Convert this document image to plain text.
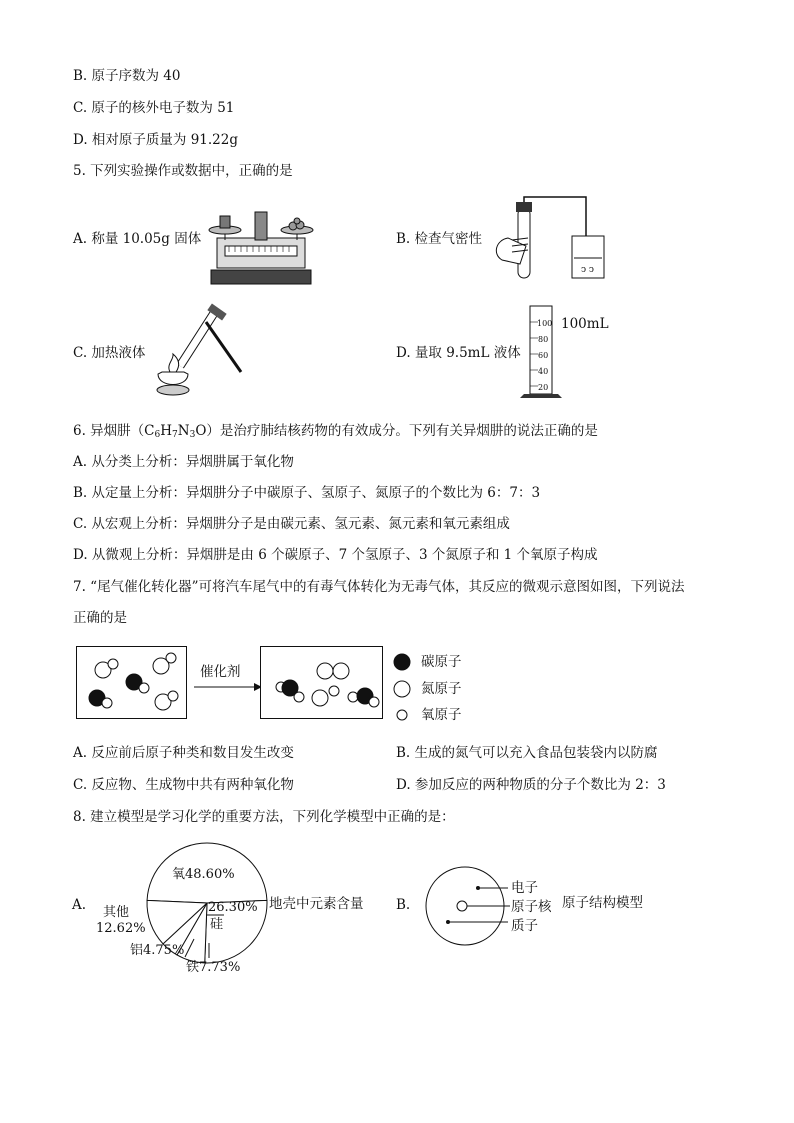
B. 原子序数为 40
C. 原子的核外电子数为 51
D. 相对原子质量为 91.22g
5. 下列实验操作或数据中，正确的是
A. 称量 10.05g 固体	B. 检查气密性
C. 加热液体	D. 量取 9.5mL 液体
ↄ ↄ
100
80
60
40
20
100mL
6. 异烟肼$(C_6H_7N_3O)$是治疗肺结核药物的有效成分。下列有关异烟肼的说法正确的是
A. 从分类上分析：异烟肼属于氧化物
B. 从定量上分析：异烟肼分子中碳原子、氢原子、氮原子的个数比为 6：7：3
C. 从宏观上分析：异烟肼分子是由碳元素、氢元素、氮元素和氧元素组成
D. 从微观上分析：异烟肼是由 6 个碳原子、7 个氢原子、3 个氮原子和 1 个氧原子构成
7. “尾气催化转化器”可将汽车尾气中的有毒气体转化为无毒气体，其反应的微观示意图如图，下列说法
正确的是
催化剂
碳原子
氮原子
氧原子
A. 反应前后原子种类和数目发生改变	B. 生成的氮气可以充入食品包装袋内以防腐
C. 反应物、生成物中共有两种氧化物	D. 参加反应的两种物质的分子个数比为 2：3
8. 建立模型是学习化学的重要方法，下列化学模型中正确的是：
A.
氧48.60%
26.30%
硅
铁7.73%
铝4.75%
其他
12.62%
地壳中元素含量 B.
电子
原子核
质子
原子结构模型
